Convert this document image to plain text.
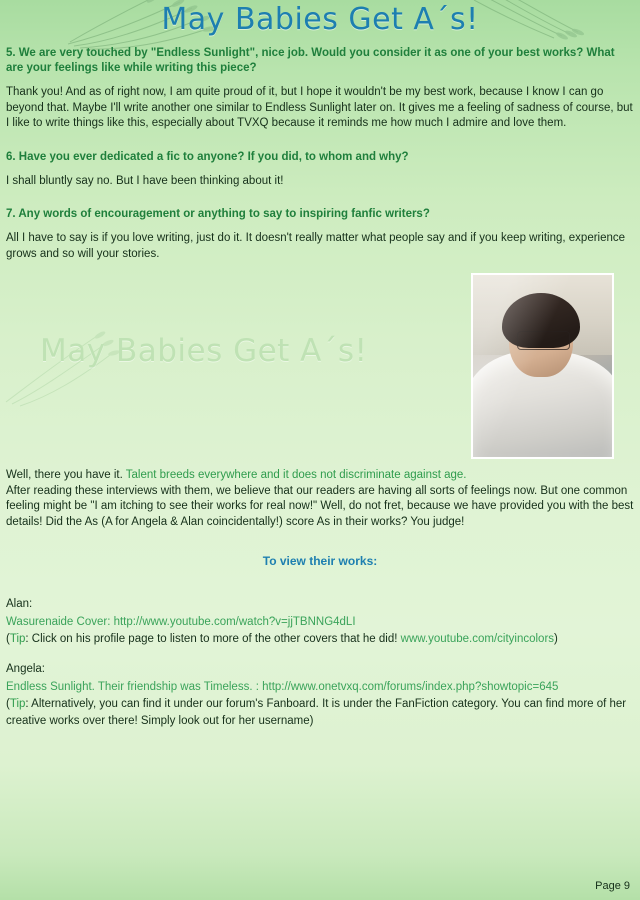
May Babies Get A´s!
May Babies Get A´s!

5. We are very touched by "Endless Sunlight", nice job. Would you consider it as one of your best works? What are your feelings like while writing this piece?

Thank you! And as of right now, I am quite proud of it, but I hope it wouldn't be my best work, because I know I can go beyond that. Maybe I'll write another one similar to Endless Sunlight later on. It gives me a feeling of sadness of course, but I like to write things like this, especially about TVXQ because it reminds me how much I admire and love them.

6. Have you ever dedicated a fic to anyone? If you did, to whom and why?

I shall bluntly say no. But I have been thinking about it!

7. Any words of encouragement or anything to say to inspiring fanfic writers?

All I have to say is if you love writing, just do it. It doesn't really matter what people say and if you keep writing, experience grows and so will your stories.

Well, there you have it. Talent breeds everywhere and it does not discriminate against age.
After reading these interviews with them, we believe that our readers are having all sorts of feelings now. But one common feeling might be "I am itching to see their works for real now!" Well, do not fret, because we have provided you with the best details! Did the As (A for Angela & Alan coincidentally!) score As in their works? You judge!
To view their works:
Alan:
Wasurenaide Cover: http://www.youtube.com/watch?v=jjTBNNG4dLI
(Tip: Click on his profile page to listen to more of the other covers that he did! www.youtube.com/cityincolors)
Angela:
Endless Sunlight. Their friendship was Timeless. : http://www.onetvxq.com/forums/index.php?showtopic=645
(Tip: Alternatively, you can find it under our forum's Fanboard. It is under the FanFiction category. You can find more of her creative works over there! Simply look out for her username)
Page 9
